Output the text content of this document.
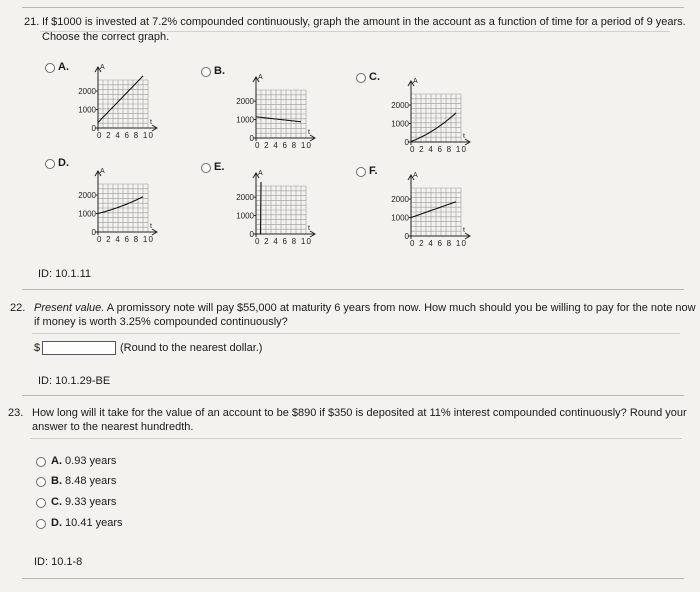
21. If $1000 is invested at 7.2% compounded continuously, graph the amount in the account as a function of time for a period of 9 years.
Choose the correct graph.
A.	A
t
2000
1000
0
0 2 4 6 8 10
B.
A
t
2000
1000
0
0 2 4 6 8 10
C.	A
t
2000
1000
0
0 2 4 6 8 10
D.
A
t
2000
1000
0
0 2 4 6 8 10
E.
A
t
2000
1000
0
0 2 4 6 8 10
F.	A
t
2000
1000
0
0 2 4 6 8 10
ID: 10.1.11
22. Present value. A promissory note will pay $55,000 at maturity 6 years from now. How much should you be willing to pay for the note now
if money is worth 3.25% compounded continuously?
$	(Round to the nearest dollar.)
ID: 10.1.29-BE
23. How long will it take for the value of an account to be $890 if $350 is deposited at 11% interest compounded continuously? Round your
answer to the nearest hundredth.
A. 0.93 years
B. 8.48 years
C. 9.33 years
D. 10.41 years
ID: 10.1-8
